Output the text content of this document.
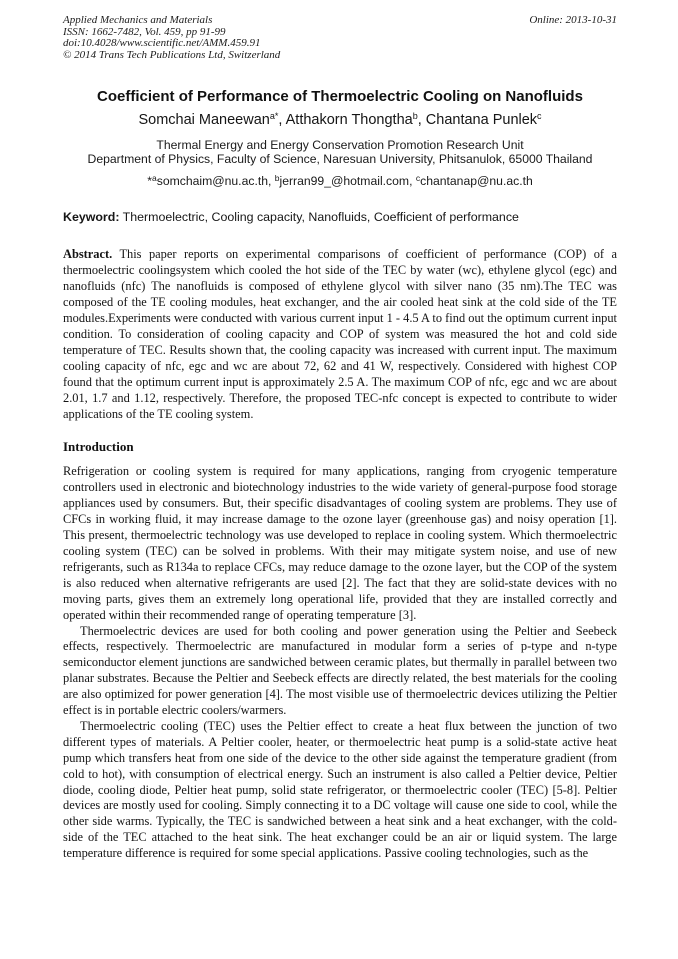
Applied Mechanics and Materials
ISSN: 1662-7482, Vol. 459, pp 91-99
doi:10.4028/www.scientific.net/AMM.459.91
© 2014 Trans Tech Publications Ltd, Switzerland
Online: 2013-10-31
Coefficient of Performance of Thermoelectric Cooling on Nanofluids
Somchai Maneewan$^{a*}$, Atthakorn Thongtha$^b$, Chantana Punlek$^c$
Thermal Energy and Energy Conservation Promotion Research Unit
Department of Physics, Faculty of Science, Naresuan University, Phitsanulok, 65000 Thailand
*$^a$somchaim@nu.ac.th, $^b$jerran99_@hotmail.com, $^c$chantanap@nu.ac.th
Keyword: Thermoelectric, Cooling capacity, Nanofluids, Coefficient of performance

Abstract. This paper reports on experimental comparisons of coefficient of performance (COP) of a thermoelectric coolingsystem which cooled the hot side of the TEC by water (wc), ethylene glycol (egc) and nanofluids (nfc) The nanofluids is composed of ethylene glycol with silver nano (35 nm).The TEC was composed of the TE cooling modules, heat exchanger, and the air cooled heat sink at the cold side of the TE modules.Experiments were conducted with various current input 1 - 4.5 A to find out the optimum current input condition. To consideration of cooling capacity and COP of system was measured the hot and cold side temperature of TEC. Results shown that, the cooling capacity was increased with current input. The maximum cooling capacity of nfc, egc and wc are about 72, 62 and 41 W, respectively. Considered with highest COP found that the optimum current input is approximately 2.5 A. The maximum COP of nfc, egc and wc are about 2.01, 1.7 and 1.12, respectively. Therefore, the proposed TEC-nfc concept is expected to contribute to wider applications of the TE cooling system.

Introduction

Refrigeration or cooling system is required for many applications, ranging from cryogenic temperature controllers used in electronic and biotechnology industries to the wide variety of general-purpose food storage appliances used by consumers. But, their specific disadvantages of cooling system are problems. They use of CFCs in working fluid, it may increase damage to the ozone layer (greenhouse gas) and noisy operation [1]. This present, thermoelectric technology was use developed to replace in cooling system. Which thermoelectric cooling system (TEC) can be solved in problems. With their may mitigate system noise, and use of new refrigerants, such as R134a to replace CFCs, may reduce damage to the ozone layer, but the COP of the system is also reduced when alternative refrigerants are used [2]. The fact that they are solid-state devices with no moving parts, gives them an extremely long operational life, provided that they are installed correctly and operated within their recommended range of operating temperature [3].

Thermoelectric devices are used for both cooling and power generation using the Peltier and Seebeck effects, respectively. Thermoelectric are manufactured in modular form a series of p-type and n-type semiconductor element junctions are sandwiched between ceramic plates, but thermally in parallel between two planar substrates. Because the Peltier and Seebeck effects are directly related, the best materials for the cooling are also optimized for power generation [4]. The most visible use of thermoelectric devices utilizing the Peltier effect is in portable electric coolers/warmers.

Thermoelectric cooling (TEC) uses the Peltier effect to create a heat flux between the junction of two different types of materials. A Peltier cooler, heater, or thermoelectric heat pump is a solid-state active heat pump which transfers heat from one side of the device to the other side against the temperature gradient (from cold to hot), with consumption of electrical energy. Such an instrument is also called a Peltier device, Peltier diode, cooling diode, Peltier heat pump, solid state refrigerator, or thermoelectric cooler (TEC) [5-8]. Peltier devices are mostly used for cooling. Simply connecting it to a DC voltage will cause one side to cool, while the other side warms. Typically, the TEC is sandwiched between a heat sink and a heat exchanger, with the cold-side of the TEC attached to the heat sink. The heat exchanger could be an air or liquid system. The large temperature difference is required for some special applications. Passive cooling technologies, such as the
